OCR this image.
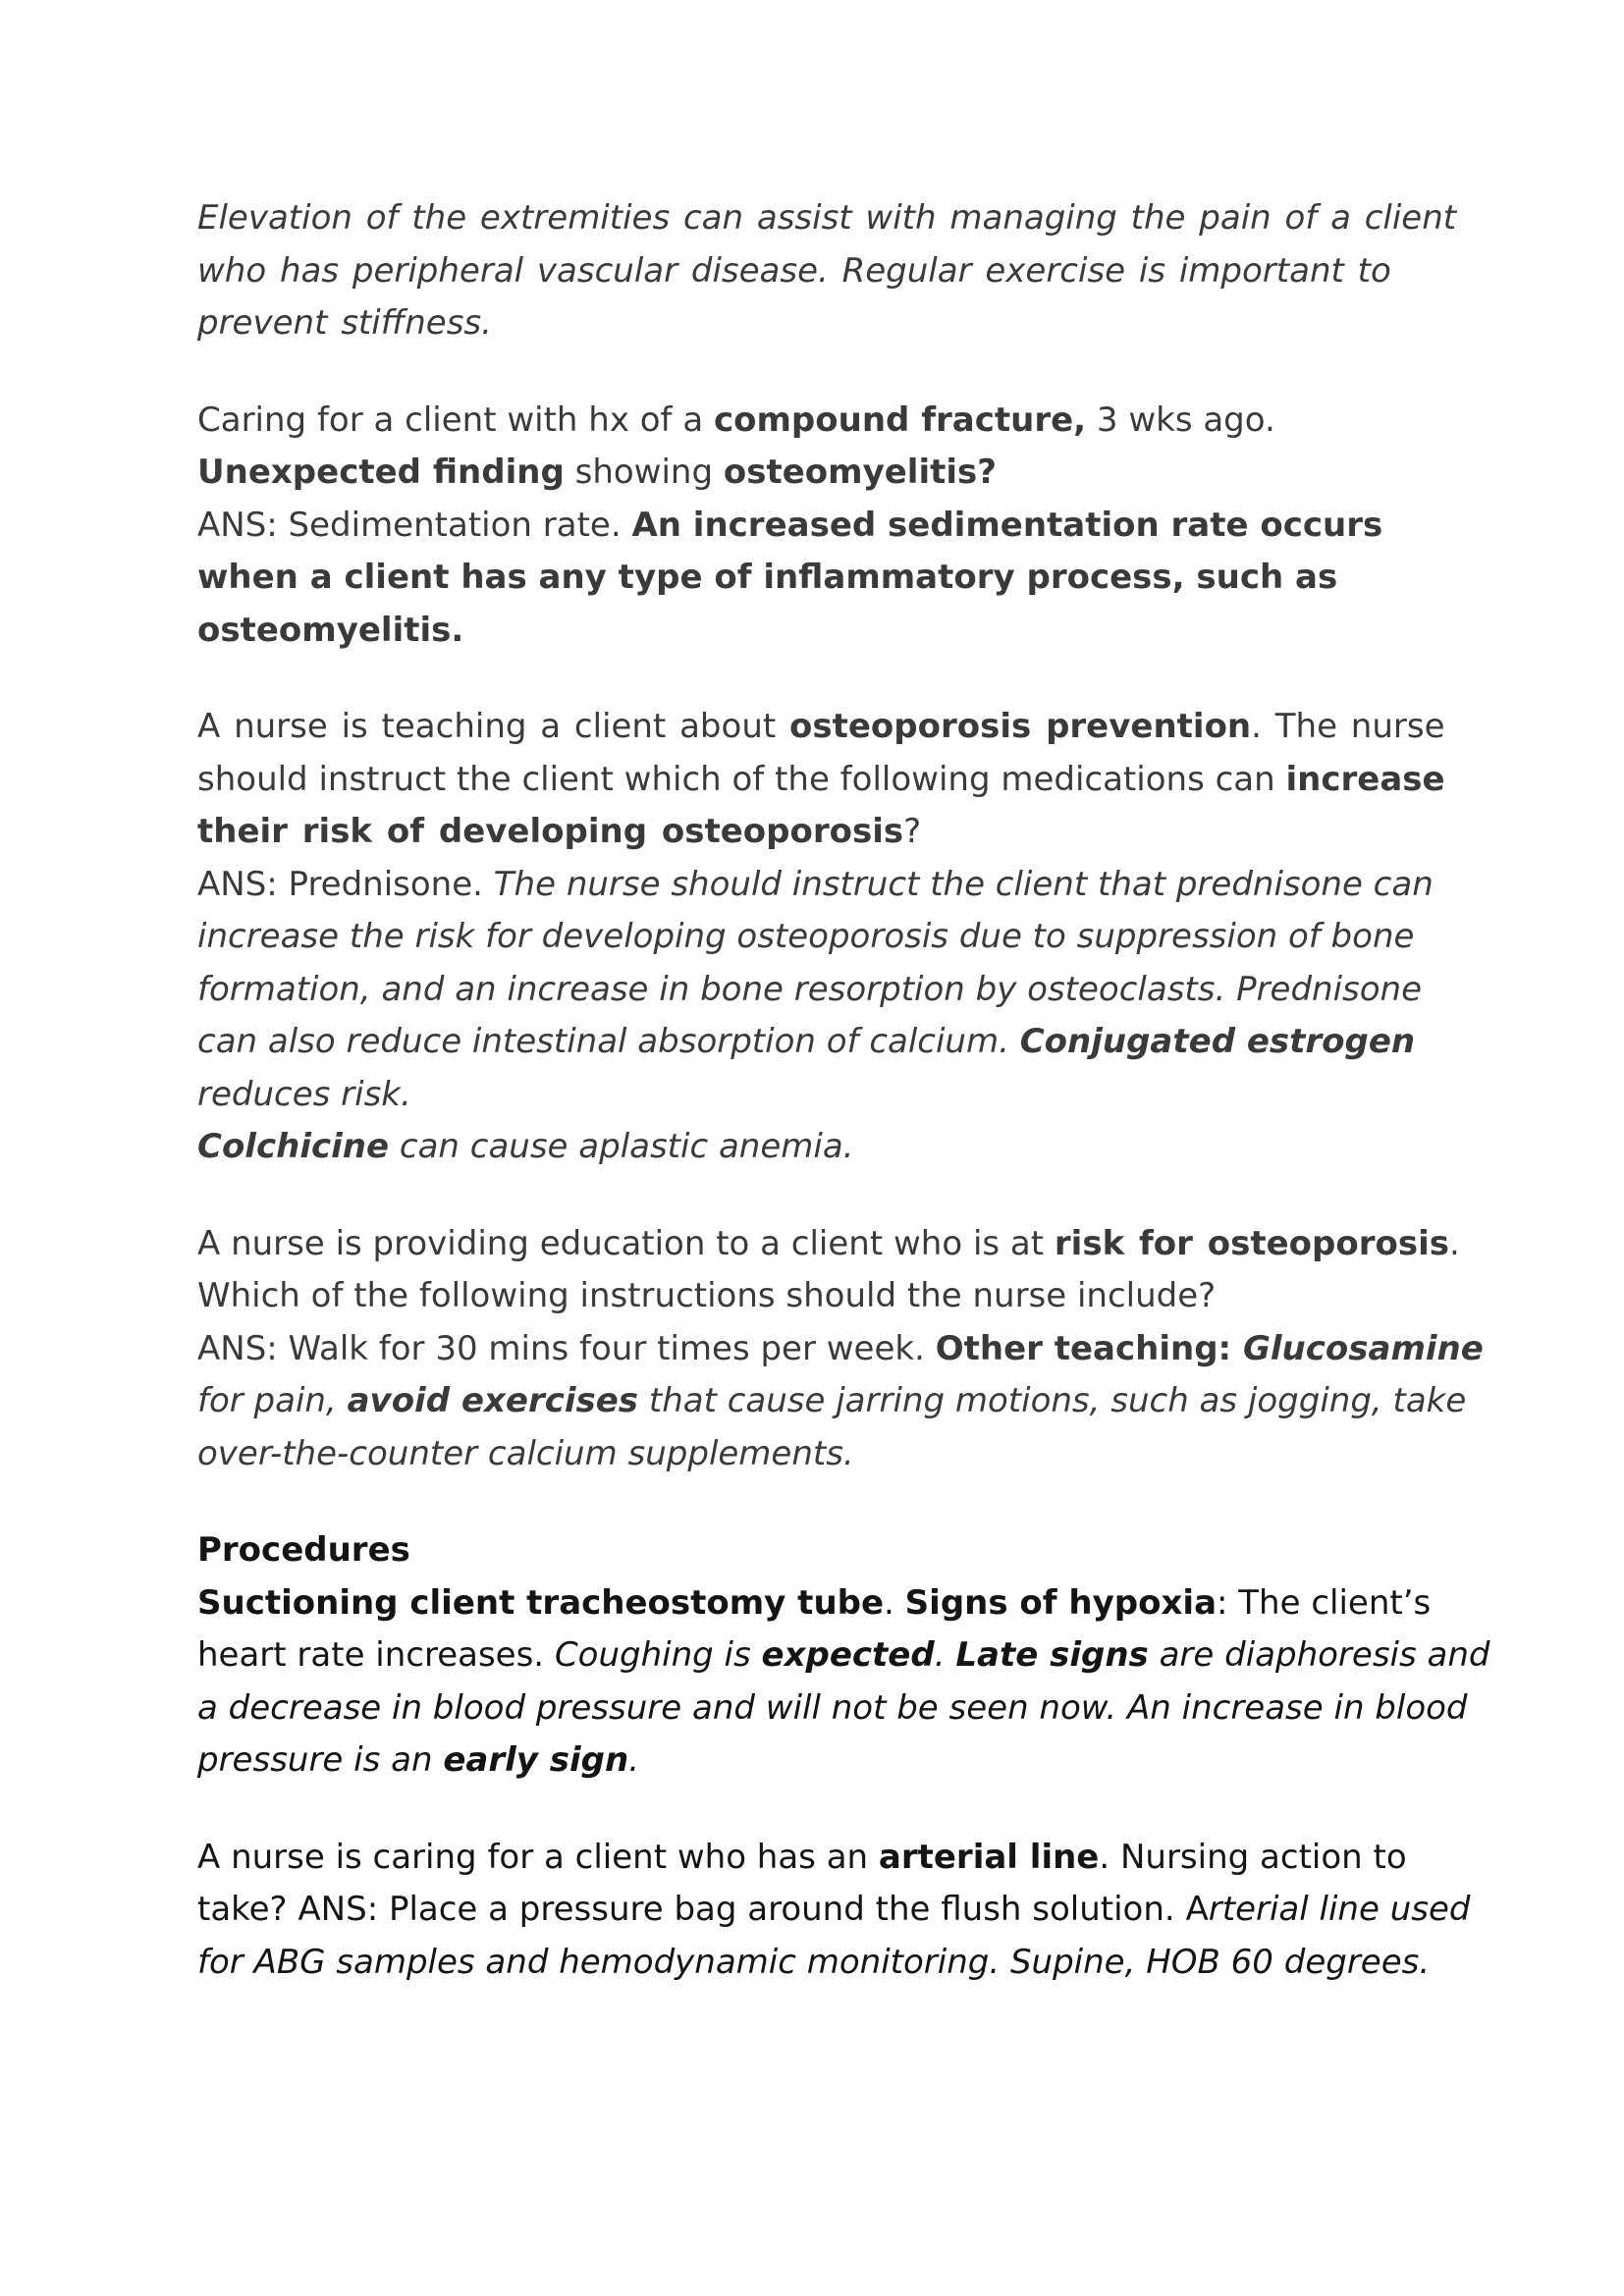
Elevation of the extremities can assist with managing the pain of a client
who has peripheral vascular disease. Regular exercise is important to
prevent stiffness.
Caring for a client with hx of a compound fracture, 3 wks ago.
Unexpected finding showing osteomyelitis?
ANS: Sedimentation rate. An increased sedimentation rate occurs
when a client has any type of inflammatory process, such as
osteomyelitis.
A nurse is teaching a client about osteoporosis prevention. The nurse
should instruct the client which of the following medications can increase
their risk of developing osteoporosis?
ANS: Prednisone. The nurse should instruct the client that prednisone can
increase the risk for developing osteoporosis due to suppression of bone
formation, and an increase in bone resorption by osteoclasts. Prednisone
can also reduce intestinal absorption of calcium. Conjugated estrogen
reduces risk.
Colchicine can cause aplastic anemia.
A nurse is providing education to a client who is at risk for osteoporosis.
Which of the following instructions should the nurse include?
ANS: Walk for 30 mins four times per week. Other teaching: Glucosamine
for pain, avoid exercises that cause jarring motions, such as jogging, take
over-the-counter calcium supplements.
Procedures
Suctioning client tracheostomy tube. Signs of hypoxia: The client’s
heart rate increases. Coughing is expected. Late signs are diaphoresis and
a decrease in blood pressure and will not be seen now. An increase in blood
pressure is an early sign.
A nurse is caring for a client who has an arterial line. Nursing action to
take? ANS: Place a pressure bag around the flush solution. Arterial line used
for ABG samples and hemodynamic monitoring. Supine, HOB 60 degrees.
